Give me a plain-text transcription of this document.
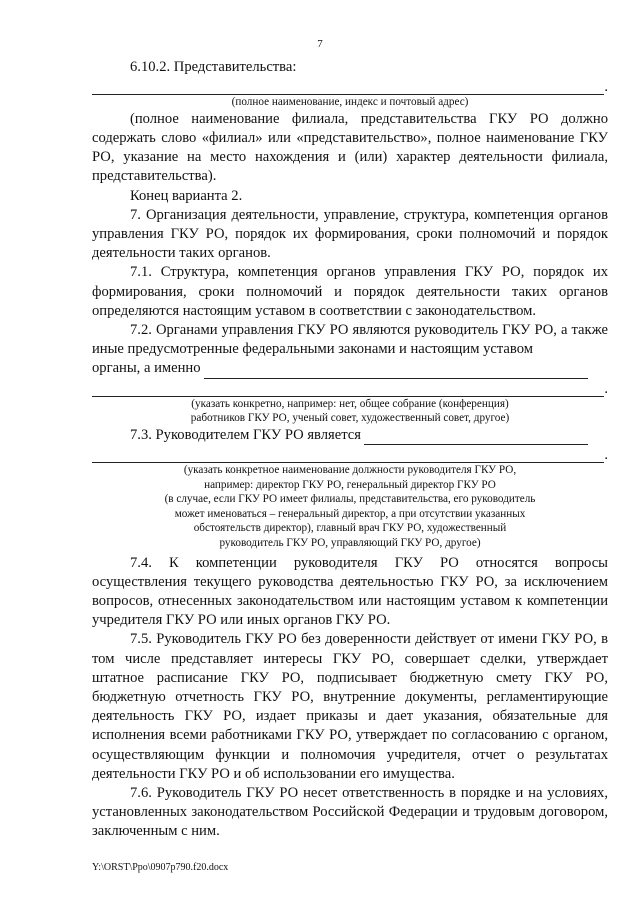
7

6.10.2. Представительства:

.

(полное наименование, индекс и почтовый адрес)

(полное наименование филиала, представительства ГКУ РО должно содержать слово «филиал» или «представительство», полное наименование ГКУ РО, указание на место нахождения и (или) характер деятельности филиала, представительства).

Конец варианта 2.

7. Организация деятельности, управление, структура, компетенция органов управления ГКУ РО, порядок их формирования, сроки полномочий и порядок деятельности таких органов.

7.1. Структура, компетенция органов управления ГКУ РО, порядок их формирования, сроки полномочий и порядок деятельности таких органов определяются настоящим уставом в соответствии с законодательством.

7.2. Органами управления ГКУ РО являются руководитель ГКУ РО, а также иные предусмотренные федеральными законами и настоящим уставом

органы, а именно
.

(указать конкретно, например: нет, общее собрание (конференция)

работников ГКУ РО, ученый совет, художественный совет, другое)

7.3. Руководителем ГКУ РО является
.

(указать конкретное наименование должности руководителя ГКУ РО,

например: директор ГКУ РО, генеральный директор ГКУ РО

(в случае, если ГКУ РО имеет филиалы, представительства, его руководитель

может именоваться – генеральный директор, а при отсутствии указанных

обстоятельств директор), главный врач ГКУ РО, художественный

руководитель ГКУ РО, управляющий ГКУ РО, другое)

7.4. К компетенции руководителя ГКУ РО относятся вопросы осуществления текущего руководства деятельностью ГКУ РО, за исключением вопросов, отнесенных законодательством или настоящим уставом к компетенции учредителя ГКУ РО или иных органов ГКУ РО.

7.5. Руководитель ГКУ РО без доверенности действует от имени ГКУ РО, в том числе представляет интересы ГКУ РО, совершает сделки, утверждает штатное расписание ГКУ РО, подписывает бюджетную смету ГКУ РО, бюджетную отчетность ГКУ РО, внутренние документы, регламентирующие деятельность ГКУ РО, издает приказы и дает указания, обязательные для исполнения всеми работниками ГКУ РО, утверждает по согласованию с органом, осуществляющим функции и полномочия учредителя, отчет о результатах деятельности ГКУ РО и об использовании его имущества.

7.6. Руководитель ГКУ РО несет ответственность в порядке и на условиях, установленных законодательством Российской Федерации и трудовым договором, заключенным с ним.

Y:\ORST\Ppo\0907p790.f20.docx
